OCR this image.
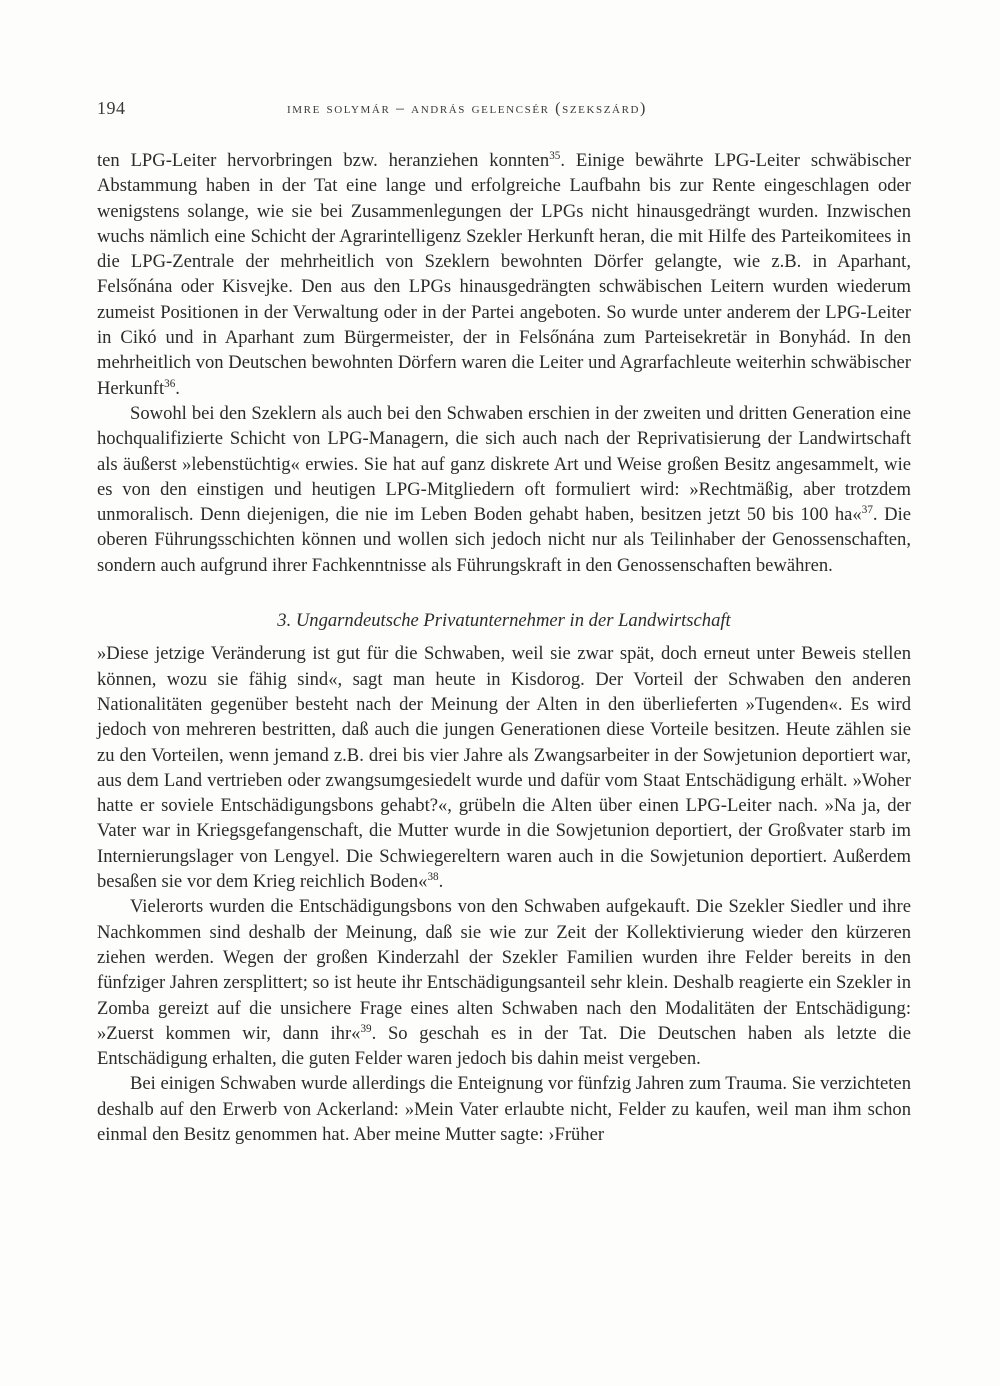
194	imre solymár – andrás gelencsér (szekszárd)

ten LPG-Leiter hervorbringen bzw. heranziehen konnten$^{35}$. Einige bewährte LPG-Leiter schwäbischer Abstammung haben in der Tat eine lange und erfolgreiche Laufbahn bis zur Rente eingeschlagen oder wenigstens solange, wie sie bei Zusammenlegungen der LPGs nicht hinausgedrängt wurden. Inzwischen wuchs nämlich eine Schicht der Agrarintelligenz Szekler Herkunft heran, die mit Hilfe des Parteikomitees in die LPG-Zentrale der mehrheitlich von Szeklern bewohnten Dörfer gelangte, wie z.B. in Aparhant, Felsőnána oder Kisvejke. Den aus den LPGs hinausgedrängten schwäbischen Leitern wurden wiederum zumeist Positionen in der Verwaltung oder in der Partei angeboten. So wurde unter anderem der LPG-Leiter in Cikó und in Aparhant zum Bürgermeister, der in Felsőnána zum Parteisekretär in Bonyhád. In den mehrheitlich von Deutschen bewohnten Dörfern waren die Leiter und Agrarfachleute weiterhin schwäbischer Herkunft$^{36}$.

Sowohl bei den Szeklern als auch bei den Schwaben erschien in der zweiten und dritten Generation eine hochqualifizierte Schicht von LPG-Managern, die sich auch nach der Reprivatisierung der Landwirtschaft als äußerst »lebenstüchtig« erwies. Sie hat auf ganz diskrete Art und Weise großen Besitz angesammelt, wie es von den einstigen und heutigen LPG-Mitgliedern oft formuliert wird: »Rechtmäßig, aber trotzdem unmoralisch. Denn diejenigen, die nie im Leben Boden gehabt haben, besitzen jetzt 50 bis 100 ha«$^{37}$. Die oberen Führungsschichten können und wollen sich jedoch nicht nur als Teilinhaber der Genossenschaften, sondern auch aufgrund ihrer Fachkenntnisse als Führungskraft in den Genossenschaften bewähren.

3. Ungarndeutsche Privatunternehmer in der Landwirtschaft

»Diese jetzige Veränderung ist gut für die Schwaben, weil sie zwar spät, doch erneut unter Beweis stellen können, wozu sie fähig sind«, sagt man heute in Kisdorog. Der Vorteil der Schwaben den anderen Nationalitäten gegenüber besteht nach der Meinung der Alten in den überlieferten »Tugenden«. Es wird jedoch von mehreren bestritten, daß auch die jungen Generationen diese Vorteile besitzen. Heute zählen sie zu den Vorteilen, wenn jemand z.B. drei bis vier Jahre als Zwangsarbeiter in der Sowjetunion deportiert war, aus dem Land vertrieben oder zwangsumgesiedelt wurde und dafür vom Staat Entschädigung erhält. »Woher hatte er soviele Entschädigungsbons gehabt?«, grübeln die Alten über einen LPG-Leiter nach. »Na ja, der Vater war in Kriegsgefangenschaft, die Mutter wurde in die Sowjetunion deportiert, der Großvater starb im Internierungslager von Lengyel. Die Schwiegereltern waren auch in die Sowjetunion deportiert. Außerdem besaßen sie vor dem Krieg reichlich Boden«$^{38}$.

Vielerorts wurden die Entschädigungsbons von den Schwaben aufgekauft. Die Szekler Siedler und ihre Nachkommen sind deshalb der Meinung, daß sie wie zur Zeit der Kollektivierung wieder den kürzeren ziehen werden. Wegen der großen Kinderzahl der Szekler Familien wurden ihre Felder bereits in den fünfziger Jahren zersplittert; so ist heute ihr Entschädigungsanteil sehr klein. Deshalb reagierte ein Szekler in Zomba gereizt auf die unsichere Frage eines alten Schwaben nach den Modalitäten der Entschädigung: »Zuerst kommen wir, dann ihr«$^{39}$. So geschah es in der Tat. Die Deutschen haben als letzte die Entschädigung erhalten, die guten Felder waren jedoch bis dahin meist vergeben.

Bei einigen Schwaben wurde allerdings die Enteignung vor fünfzig Jahren zum Trauma. Sie verzichteten deshalb auf den Erwerb von Ackerland: »Mein Vater erlaubte nicht, Felder zu kaufen, weil man ihm schon einmal den Besitz genommen hat. Aber meine Mutter sagte: ›Früher
